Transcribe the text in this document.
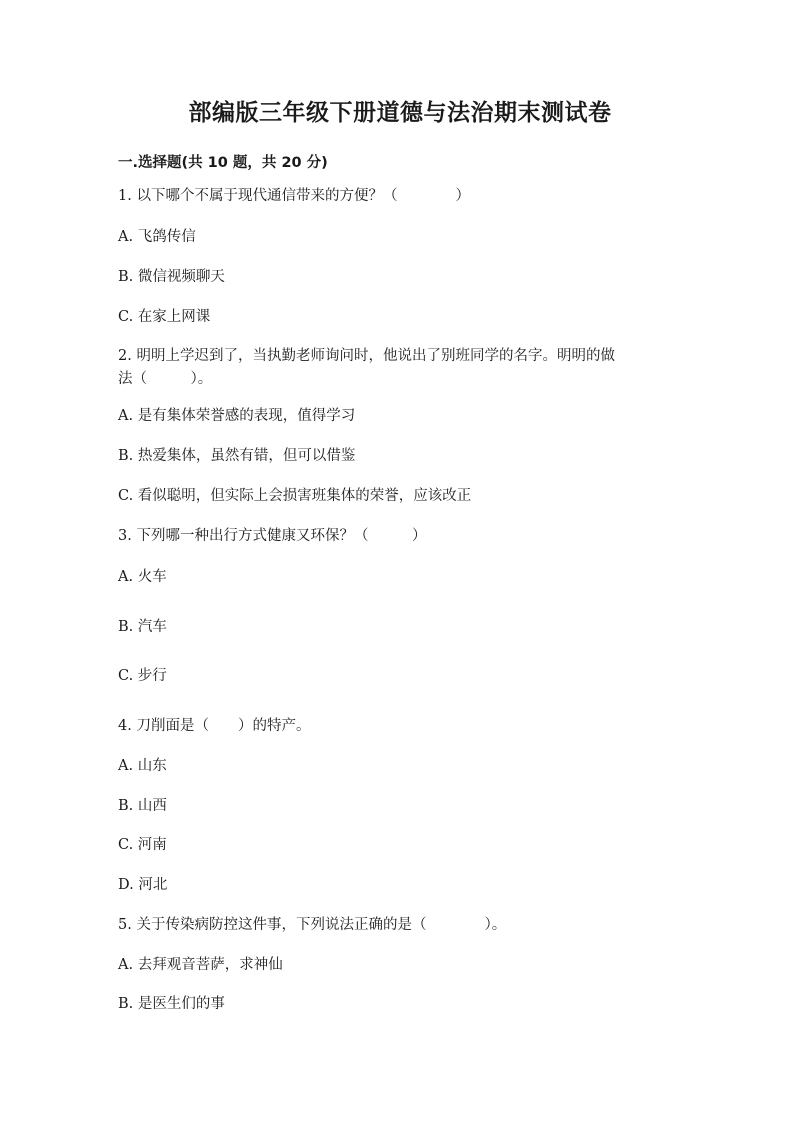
部编版三年级下册道德与法治期末测试卷
一.选择题(共 10 题，共 20 分)
1. 以下哪个不属于现代通信带来的方便？（　　　　）
A. 飞鸽传信
B. 微信视频聊天
C. 在家上网课
2. 明明上学迟到了，当执勤老师询问时，他说出了别班同学的名字。明明的做
法（　　　）。
A. 是有集体荣誉感的表现，值得学习
B. 热爱集体，虽然有错，但可以借鉴
C. 看似聪明，但实际上会损害班集体的荣誉，应该改正
3. 下列哪一种出行方式健康又环保？（　　　）
A. 火车
B. 汽车
C. 步行
4. 刀削面是（　　）的特产。
A. 山东
B. 山西
C. 河南
D. 河北
5. 关于传染病防控这件事，下列说法正确的是（　　　　）。
A. 去拜观音菩萨，求神仙
B. 是医生们的事
